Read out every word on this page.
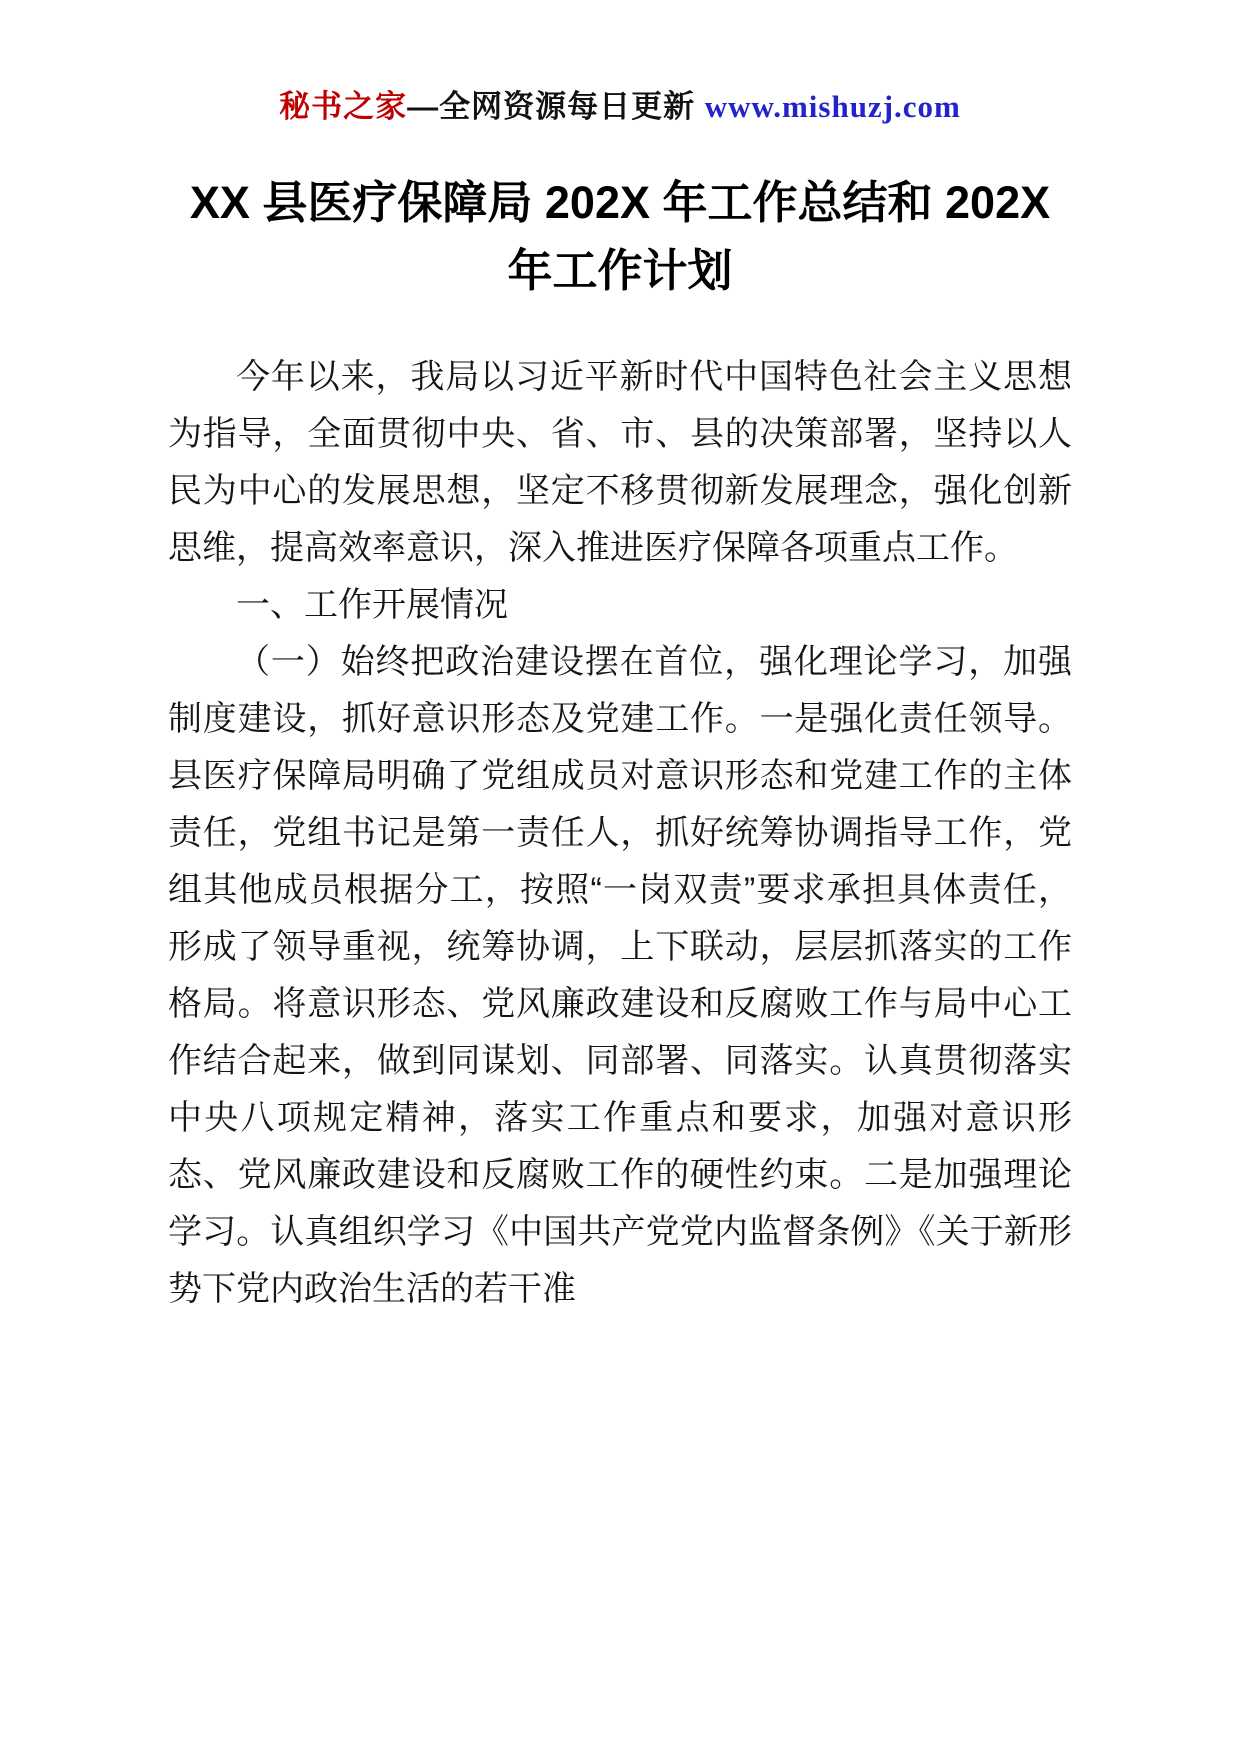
秘书之家—全网资源每日更新 www.mishuzj.com
XX 县医疗保障局 202X 年工作总结和 202X 年工作计划

今年以来，我局以习近平新时代中国特色社会主义思想为指导，全面贯彻中央、省、市、县的决策部署，坚持以人民为中心的发展思想，坚定不移贯彻新发展理念，强化创新思维，提高效率意识，深入推进医疗保障各项重点工作。

一、工作开展情况

（一）始终把政治建设摆在首位，强化理论学习，加强制度建设，抓好意识形态及党建工作。一是强化责任领导。县医疗保障局明确了党组成员对意识形态和党建工作的主体责任，党组书记是第一责任人，抓好统筹协调指导工作，党组其他成员根据分工，按照“一岗双责”要求承担具体责任，形成了领导重视，统筹协调，上下联动，层层抓落实的工作格局。将意识形态、党风廉政建设和反腐败工作与局中心工作结合起来，做到同谋划、同部署、同落实。认真贯彻落实中央八项规定精神，落实工作重点和要求，加强对意识形态、党风廉政建设和反腐败工作的硬性约束。二是加强理论学习。认真组织学习《中国共产党党内监督条例》《关于新形势下党内政治生活的若干准
